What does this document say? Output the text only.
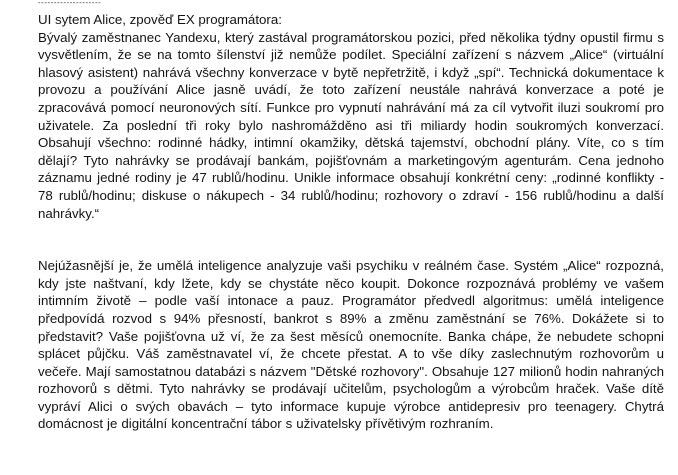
--------------------
UI sytem Alice, zpověď EX programátora:

Bývalý zaměstnanec Yandexu, který zastával programátorskou pozici, před několika týdny opustil firmu s vysvětlením, že se na tomto šílenství již nemůže podílet. Speciální zařízení s názvem „Alice“ (virtuální hlasový asistent) nahrává všechny konverzace v bytě nepřetržitě, i když „spí“. Technická dokumentace k provozu a používání Alice jasně uvádí, že toto zařízení neustále nahrává konverzace a poté je zpracovává pomocí neuronových sítí. Funkce pro vypnutí nahrávání má za cíl vytvořit iluzi soukromí pro uživatele. Za poslední tři roky bylo nashromážděno asi tři miliardy hodin soukromých konverzací. Obsahují všechno: rodinné hádky, intimní okamžiky, dětská tajemství, obchodní plány. Víte, co s tím dělají? Tyto nahrávky se prodávají bankám, pojišťovnám a marketingovým agenturám. Cena jednoho záznamu jedné rodiny je 47 rublů/hodinu. Unikle informace obsahují konkrétní ceny: „rodinné konflikty - 78 rublů/hodinu; diskuse o nákupech - 34 rublů/hodinu; rozhovory o zdraví - 156 rublů/hodinu a další nahrávky.“

Nejúžasnější je, že umělá inteligence analyzuje vaši psychiku v reálném čase. Systém „Alice“ rozpozná, kdy jste naštvaní, kdy lžete, kdy se chystáte něco koupit. Dokonce rozpoznává problémy ve vašem intimním životě – podle vaší intonace a pauz. Programátor předvedl algoritmus: umělá inteligence předpovídá rozvod s 94% přesností, bankrot s 89% a změnu zaměstnání se 76%. Dokážete si to představit? Vaše pojišťovna už ví, že za šest měsíců onemocníte. Banka chápe, že nebudete schopni splácet půjčku. Váš zaměstnavatel ví, že chcete přestat. A to vše díky zaslechnutým rozhovorům u večeře. Mají samostatnou databázi s názvem "Dětské rozhovory". Obsahuje 127 milionů hodin nahraných rozhovorů s dětmi. Tyto nahrávky se prodávají učitelům, psychologům a výrobcům hraček. Vaše dítě vypráví Alici o svých obavách – tyto informace kupuje výrobce antidepresiv pro teenagery. Chytrá domácnost je digitální koncentrační tábor s uživatelsky přívětivým rozhraním.
